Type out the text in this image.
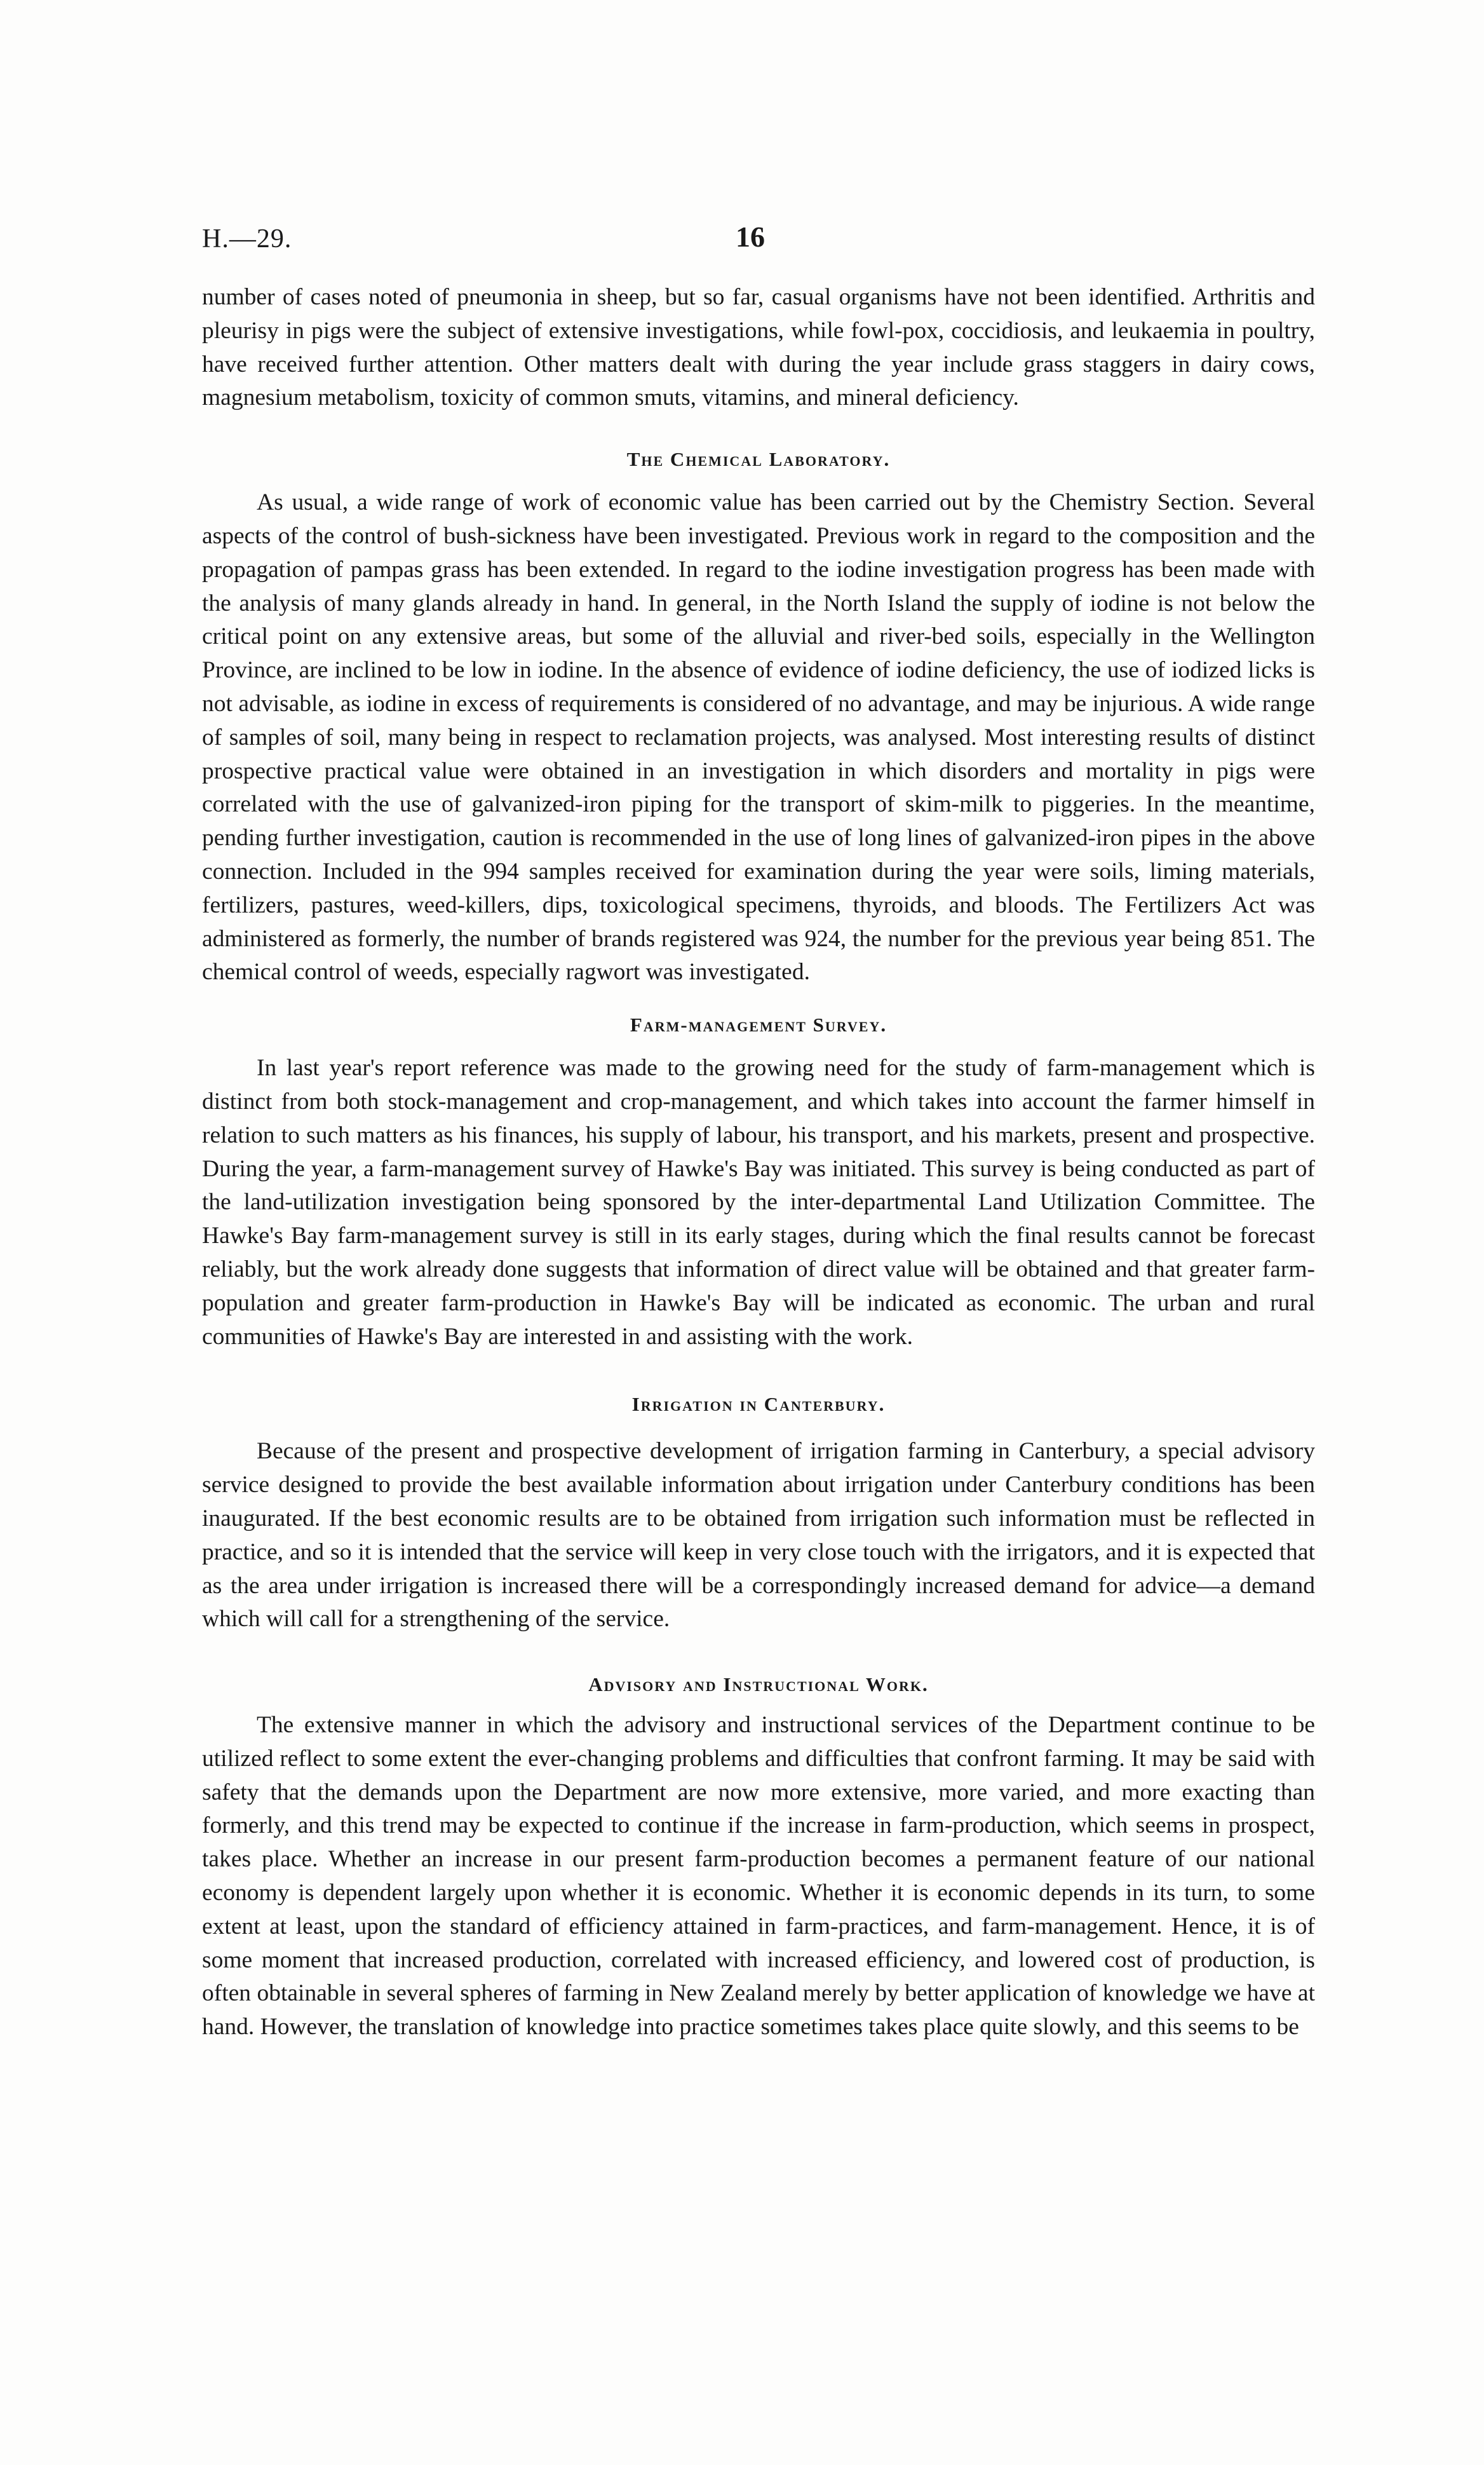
H.—29.	16

number of cases noted of pneumonia in sheep, but so far, casual organisms have not been identified. Arthritis and pleurisy in pigs were the subject of extensive investigations, while fowl-pox, coccidiosis, and leukaemia in poultry, have received further attention. Other matters dealt with during the year include grass staggers in dairy cows, magnesium metabolism, toxicity of common smuts, vitamins, and mineral deficiency.

The Chemical Laboratory.

As usual, a wide range of work of economic value has been carried out by the Chemistry Section. Several aspects of the control of bush-sickness have been investigated. Previous work in regard to the composition and the propagation of pampas grass has been extended. In regard to the iodine investigation progress has been made with the analysis of many glands already in hand. In general, in the North Island the supply of iodine is not below the critical point on any extensive areas, but some of the alluvial and river-bed soils, especially in the Wellington Province, are inclined to be low in iodine. In the absence of evidence of iodine deficiency, the use of iodized licks is not advisable, as iodine in excess of requirements is considered of no advantage, and may be injurious. A wide range of samples of soil, many being in respect to reclamation projects, was analysed. Most interesting results of distinct prospective practical value were obtained in an investigation in which disorders and mortality in pigs were correlated with the use of galvanized-iron piping for the transport of skim-milk to piggeries. In the meantime, pending further investigation, caution is recommended in the use of long lines of galvanized-iron pipes in the above connection. Included in the 994 samples received for examination during the year were soils, liming materials, fertilizers, pastures, weed-killers, dips, toxicological specimens, thyroids, and bloods. The Fertilizers Act was administered as formerly, the number of brands registered was 924, the number for the previous year being 851. The chemical control of weeds, especially ragwort was investigated.

Farm-management Survey.

In last year's report reference was made to the growing need for the study of farm-management which is distinct from both stock-management and crop-management, and which takes into account the farmer himself in relation to such matters as his finances, his supply of labour, his transport, and his markets, present and prospective. During the year, a farm-management survey of Hawke's Bay was initiated. This survey is being conducted as part of the land-utilization investigation being sponsored by the inter-departmental Land Utilization Committee. The Hawke's Bay farm-management survey is still in its early stages, during which the final results cannot be forecast reliably, but the work already done suggests that information of direct value will be obtained and that greater farm-population and greater farm-production in Hawke's Bay will be indicated as economic. The urban and rural communities of Hawke's Bay are interested in and assisting with the work.

Irrigation in Canterbury.

Because of the present and prospective development of irrigation farming in Canterbury, a special advisory service designed to provide the best available information about irrigation under Canterbury conditions has been inaugurated. If the best economic results are to be obtained from irrigation such information must be reflected in practice, and so it is intended that the service will keep in very close touch with the irrigators, and it is expected that as the area under irrigation is increased there will be a correspondingly increased demand for advice—a demand which will call for a strengthening of the service.

Advisory and Instructional Work.

The extensive manner in which the advisory and instructional services of the Department continue to be utilized reflect to some extent the ever-changing problems and difficulties that confront farming. It may be said with safety that the demands upon the Department are now more extensive, more varied, and more exacting than formerly, and this trend may be expected to continue if the increase in farm-production, which seems in prospect, takes place. Whether an increase in our present farm-production becomes a permanent feature of our national economy is dependent largely upon whether it is economic. Whether it is economic depends in its turn, to some extent at least, upon the standard of efficiency attained in farm-practices, and farm-management. Hence, it is of some moment that increased production, correlated with increased efficiency, and lowered cost of production, is often obtainable in several spheres of farming in New Zealand merely by better application of knowledge we have at hand. However, the translation of knowledge into practice sometimes takes place quite slowly, and this seems to be
